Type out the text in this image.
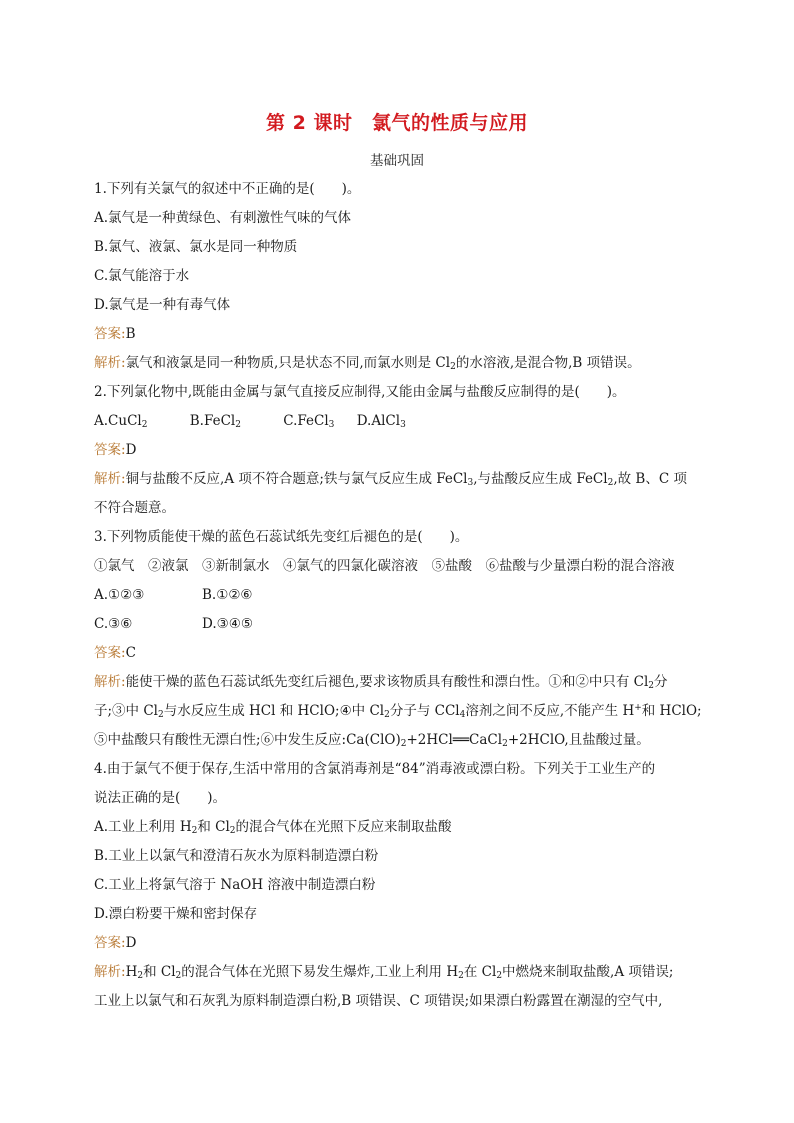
第 2 课时　氯气的性质与应用
基础巩固
1.下列有关氯气的叙述中不正确的是(　　)。
A.氯气是一种黄绿色、有刺激性气味的气体
B.氯气、液氯、氯水是同一种物质
C.氯气能溶于水
D.氯气是一种有毒气体
答案:B
解析:氯气和液氯是同一种物质,只是状态不同,而氯水则是 $Cl_2$的水溶液,是混合物,B 项错误。
2.下列氯化物中,既能由金属与氯气直接反应制得,又能由金属与盐酸反应制得的是(　　)。
A.CuCl$_2$	B.FeCl$_2$	C.FeCl$_3$ D.AlCl$_3$
答案:D
解析:铜与盐酸不反应,A 项不符合题意;铁与氯气反应生成 FeCl$_3$,与盐酸反应生成 FeCl$_2$,故 B、C 项
不符合题意。
3.下列物质能使干燥的蓝色石蕊试纸先变红后褪色的是(　　)。
①氯气　②液氯　③新制氯水　④氯气的四氯化碳溶液　⑤盐酸　⑥盐酸与少量漂白粉的混合溶液
A.①②③	B.①②⑥
C.③⑥	D.③④⑤
答案:C
解析:能使干燥的蓝色石蕊试纸先变红后褪色,要求该物质具有酸性和漂白性。①和②中只有 $Cl_2$分
子;③中 $Cl_2$与水反应生成 HCl 和 HClO;④中 $Cl_2$分子与 CCl$_4$溶剂之间不反应,不能产生 H+和 HClO;
⑤中盐酸只有酸性无漂白性;⑥中发生反应$:Ca(ClO)_2+2HCl══CaCl_2+2HClO$,且盐酸过量。
4.由于氯气不便于保存,生活中常用的含氯消毒剂是“84”消毒液或漂白粉。下列关于工业生产的
说法正确的是(　　)。
A.工业上利用 $H_2$和 $Cl_2$的混合气体在光照下反应来制取盐酸
B.工业上以氯气和澄清石灰水为原料制造漂白粉
C.工业上将氯气溶于 NaOH 溶液中制造漂白粉
D.漂白粉要干燥和密封保存
答案:D
解析$:H_2$和 $Cl_2$的混合气体在光照下易发生爆炸,工业上利用 $H_2$在 $Cl_2$中燃烧来制取盐酸,A 项错误;
工业上以氯气和石灰乳为原料制造漂白粉,B 项错误、C 项错误;如果漂白粉露置在潮湿的空气中,
